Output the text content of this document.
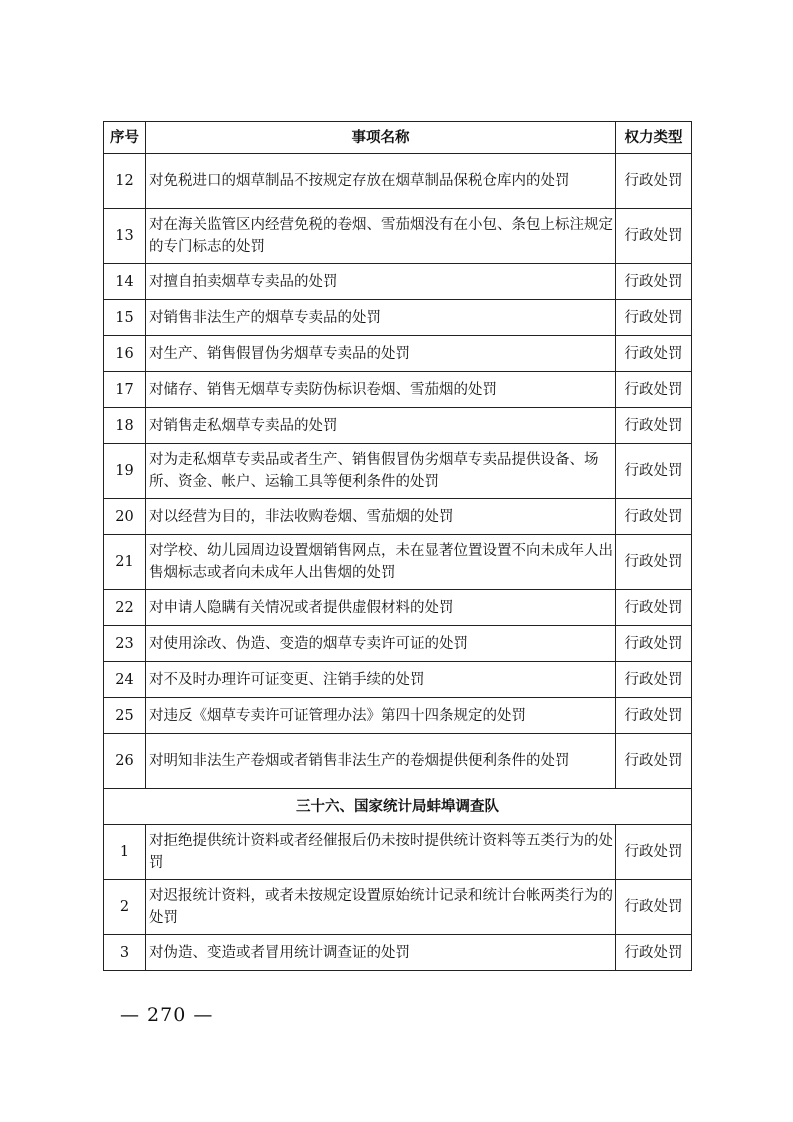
序号	事项名称	权力类型
12	对免税进口的烟草制品不按规定存放在烟草制品保税仓库内的处罚	行政处罚
13	对在海关监管区内经营免税的卷烟、雪茄烟没有在小包、条包上标注规定的专门标志的处罚	行政处罚
14	对擅自拍卖烟草专卖品的处罚	行政处罚
15	对销售非法生产的烟草专卖品的处罚	行政处罚
16	对生产、销售假冒伪劣烟草专卖品的处罚	行政处罚
17	对储存、销售无烟草专卖防伪标识卷烟、雪茄烟的处罚	行政处罚
18	对销售走私烟草专卖品的处罚	行政处罚
19	对为走私烟草专卖品或者生产、销售假冒伪劣烟草专卖品提供设备、场所、资金、帐户、运输工具等便利条件的处罚	行政处罚
20	对以经营为目的，非法收购卷烟、雪茄烟的处罚	行政处罚
21	对学校、幼儿园周边设置烟销售网点，未在显著位置设置不向未成年人出售烟标志或者向未成年人出售烟的处罚	行政处罚
22	对申请人隐瞒有关情况或者提供虚假材料的处罚	行政处罚
23	对使用涂改、伪造、变造的烟草专卖许可证的处罚	行政处罚
24	对不及时办理许可证变更、注销手续的处罚	行政处罚
25	对违反《烟草专卖许可证管理办法》第四十四条规定的处罚	行政处罚
26	对明知非法生产卷烟或者销售非法生产的卷烟提供便利条件的处罚	行政处罚
三十六、国家统计局蚌埠调查队		
1	对拒绝提供统计资料或者经催报后仍未按时提供统计资料等五类行为的处罚	行政处罚
2	对迟报统计资料，或者未按规定设置原始统计记录和统计台帐两类行为的处罚	行政处罚
3	对伪造、变造或者冒用统计调查证的处罚	行政处罚
— 270 —
